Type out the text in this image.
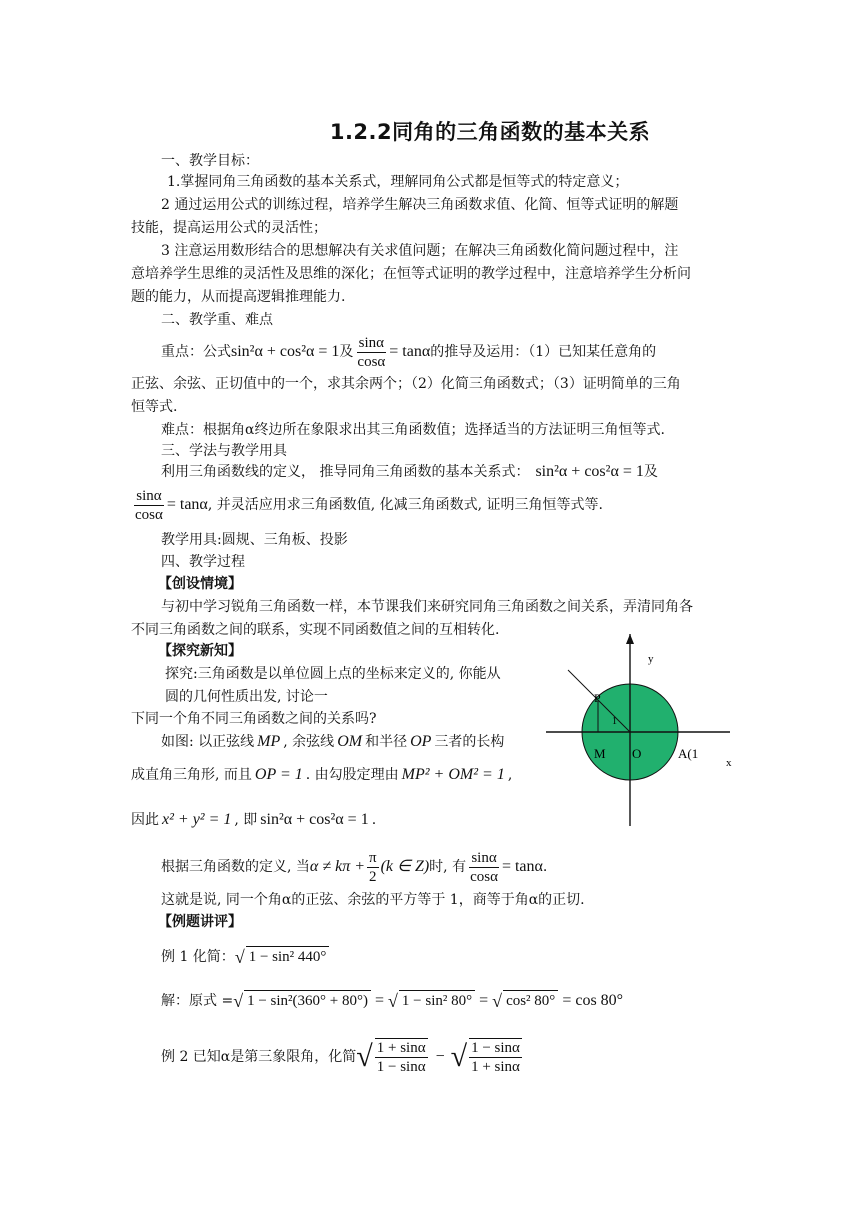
1.2.2同角的三角函数的基本关系
一、教学目标：
1.掌握同角三角函数的基本关系式，理解同角公式都是恒等式的特定意义；
2 通过运用公式的训练过程，培养学生解决三角函数求值、化简、恒等式证明的解题
技能，提高运用公式的灵活性；
3 注意运用数形结合的思想解决有关求值问题；在解决三角函数化简问题过程中，注
意培养学生思维的灵活性及思维的深化；在恒等式证明的教学过程中，注意培养学生分析问
题的能力，从而提高逻辑推理能力.
二、教学重、难点
重点：公式 sin²α + cos²α = 1 及 $\frac{\sin\alpha}{\cos\alpha} = \tan\alpha$ 的推导及运用：（1）已知某任意角的
正弦、余弦、正切值中的一个，求其余两个；（2）化简三角函数式；（3）证明简单的三角
恒等式.
难点：根据角α终边所在象限求出其三角函数值；选择适当的方法证明三角恒等式.
三、学法与教学用具
利用三角函数线的定义， 推导同角三角函数的基本关系式： sin²α + cos²α = 1 及
$\frac{\sin\alpha}{\cos\alpha} = \tan\alpha$ , 并灵活应用求三角函数值, 化减三角函数式, 证明三角恒等式等.
教学用具:圆规、三角板、投影
四、教学过程
【创设情境】
与初中学习锐角三角函数一样，本节课我们来研究同角三角函数之间关系，弄清同角各
不同三角函数之间的联系，实现不同函数值之间的互相转化.
【探究新知】
探究:三角函数是以单位圆上点的坐标来定义的, 你能从
圆的几何性质出发, 讨论一
下同一个角不同三角函数之间的关系吗?
如图: 以正弦线 MP , 余弦线 OM 和半径 OP 三者的长构
成直角三角形, 而且 OP = 1 . 由勾股定理由 MP² + OM² = 1 ,
因此 x² + y² = 1 , 即 sin²α + cos²α = 1 .
y
x
P
M O	A(1
1
根据三角函数的定义, 当 $\alpha \ne k\pi + \frac{\pi}{2} (k$ ∈ Z) 时, 有 $\frac{\sin\alpha}{\cos\alpha} = \tan\alpha$ .
这就是说, 同一个角α的正弦、余弦的平方等于 1，商等于角α的正切.
【例题讲评】
例 1 化简： √ 1 − sin² 440°
解：原式 = √ 1 − sin²(360° + 80°) = √ 1 − sin² 80° = √ cos² 80° = cos 80°
例 2 已知α是第三象限角，化简 √ $\frac{1 + \sin\alpha}{1 - \sin\alpha}$ − √ $\frac{1 - \sin\alpha}{1 + \sin\alpha}$
